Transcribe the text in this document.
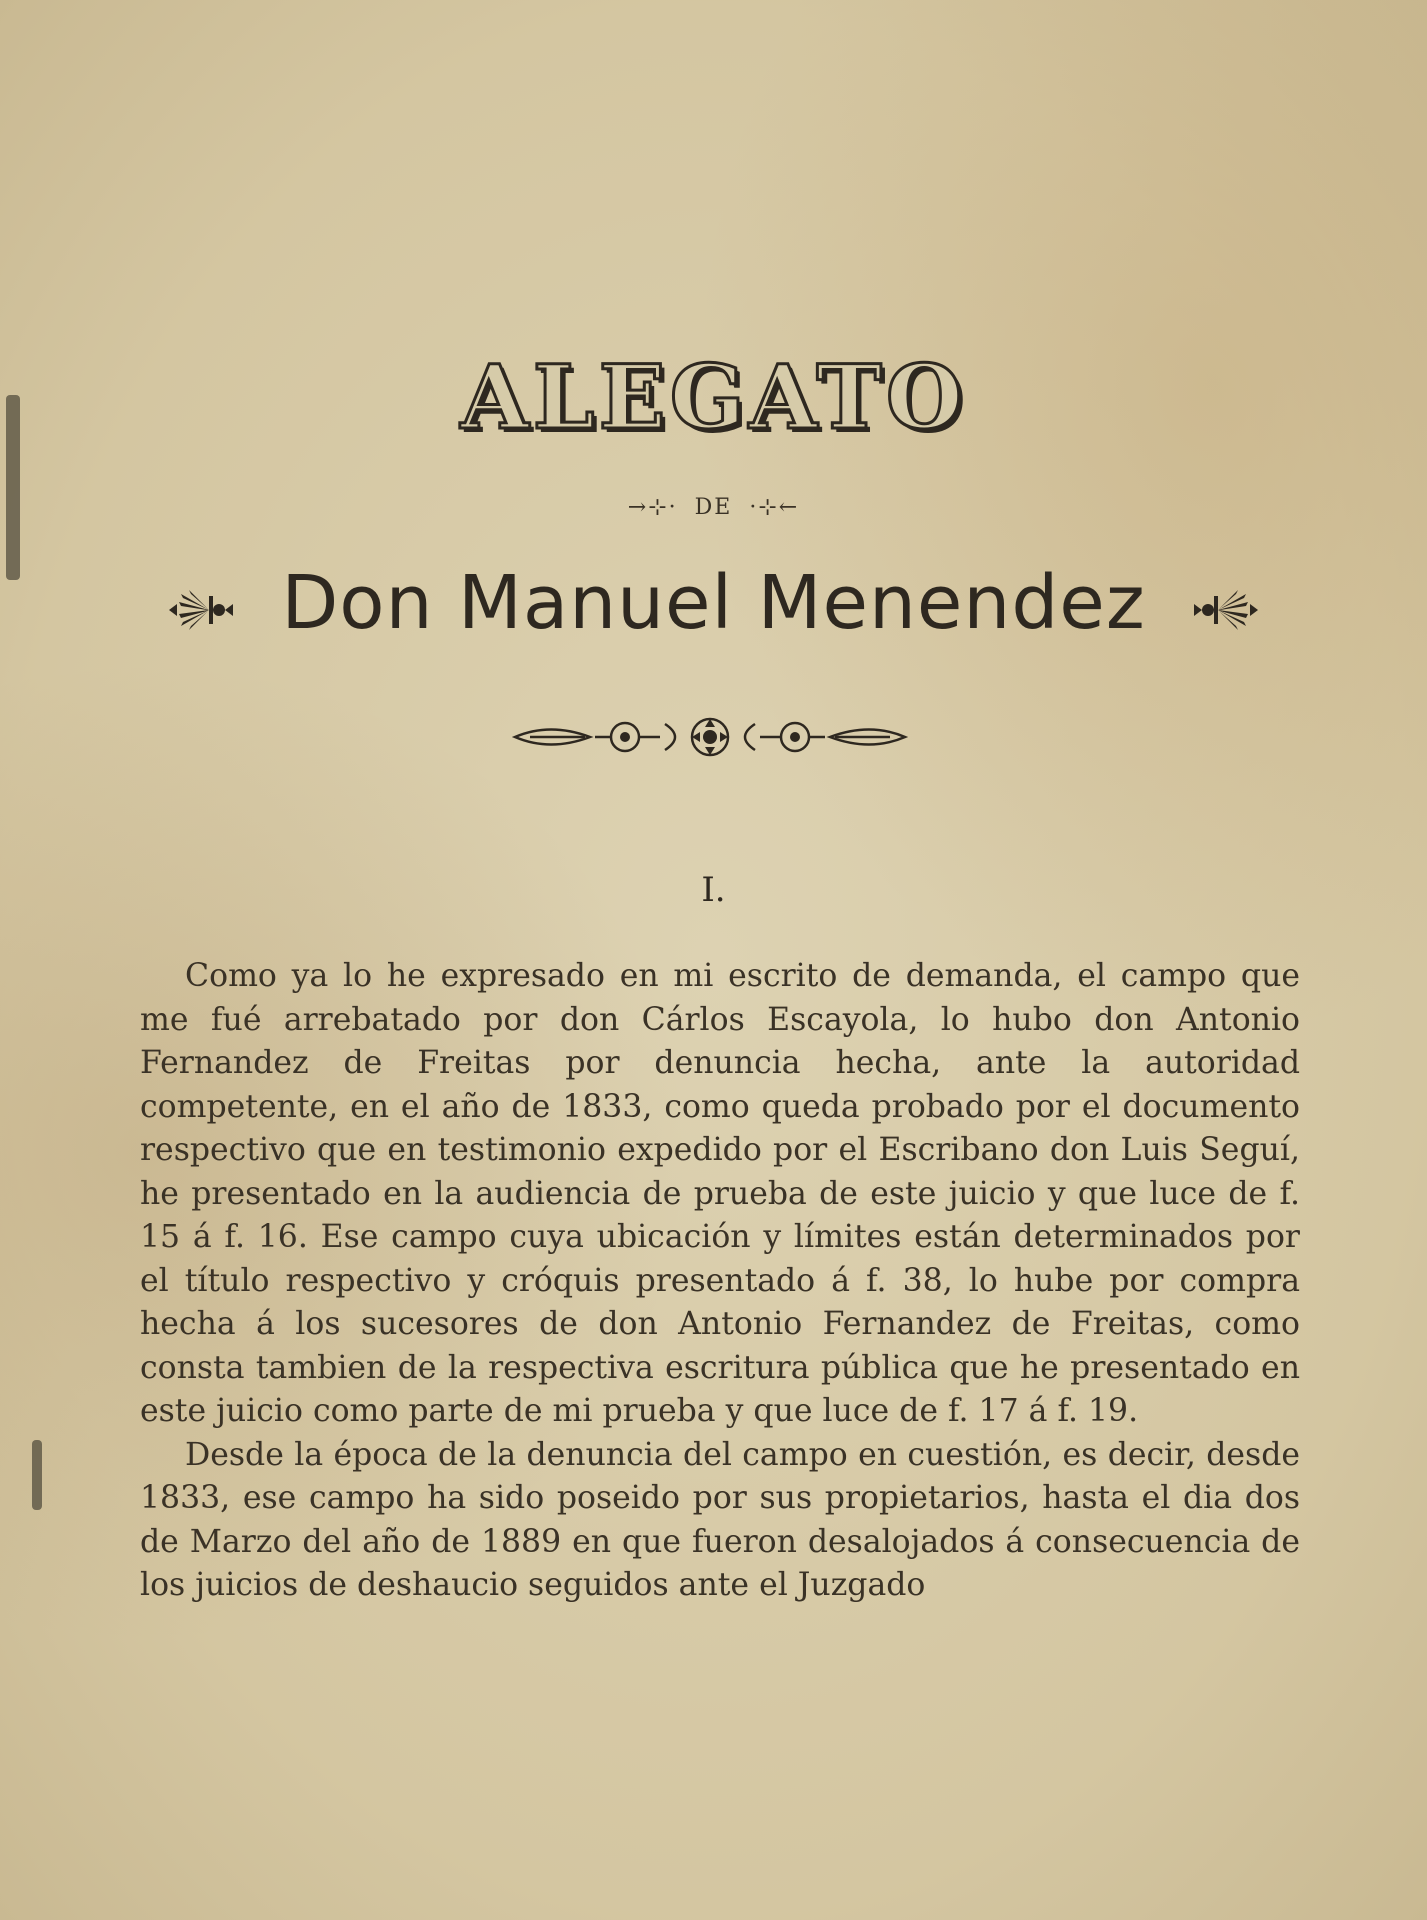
ALEGATO
→⊹· DE ·⊹←
Don Manuel Menendez
I.

Como ya lo he expresado en mi escrito de demanda, el campo que me fué arrebatado por don Cárlos Escayola, lo hubo don Antonio Fernandez de Freitas por denuncia hecha, ante la autoridad competente, en el año de 1833, como queda probado por el documento respectivo que en testimonio expedido por el Escribano don Luis Seguí, he presentado en la audiencia de prueba de este juicio y que luce de f. 15 á f. 16. Ese campo cuya ubicación y límites están determinados por el título respectivo y cróquis presentado á f. 38, lo hube por compra hecha á los sucesores de don Antonio Fernandez de Freitas, como consta tambien de la respectiva escritura pública que he presentado en este juicio como parte de mi prueba y que luce de f. 17 á f. 19.

Desde la época de la denuncia del campo en cuestión, es decir, desde 1833, ese campo ha sido poseido por sus propietarios, hasta el dia dos de Marzo del año de 1889 en que fueron desalojados á consecuencia de los juicios de deshaucio seguidos ante el Juzgado
